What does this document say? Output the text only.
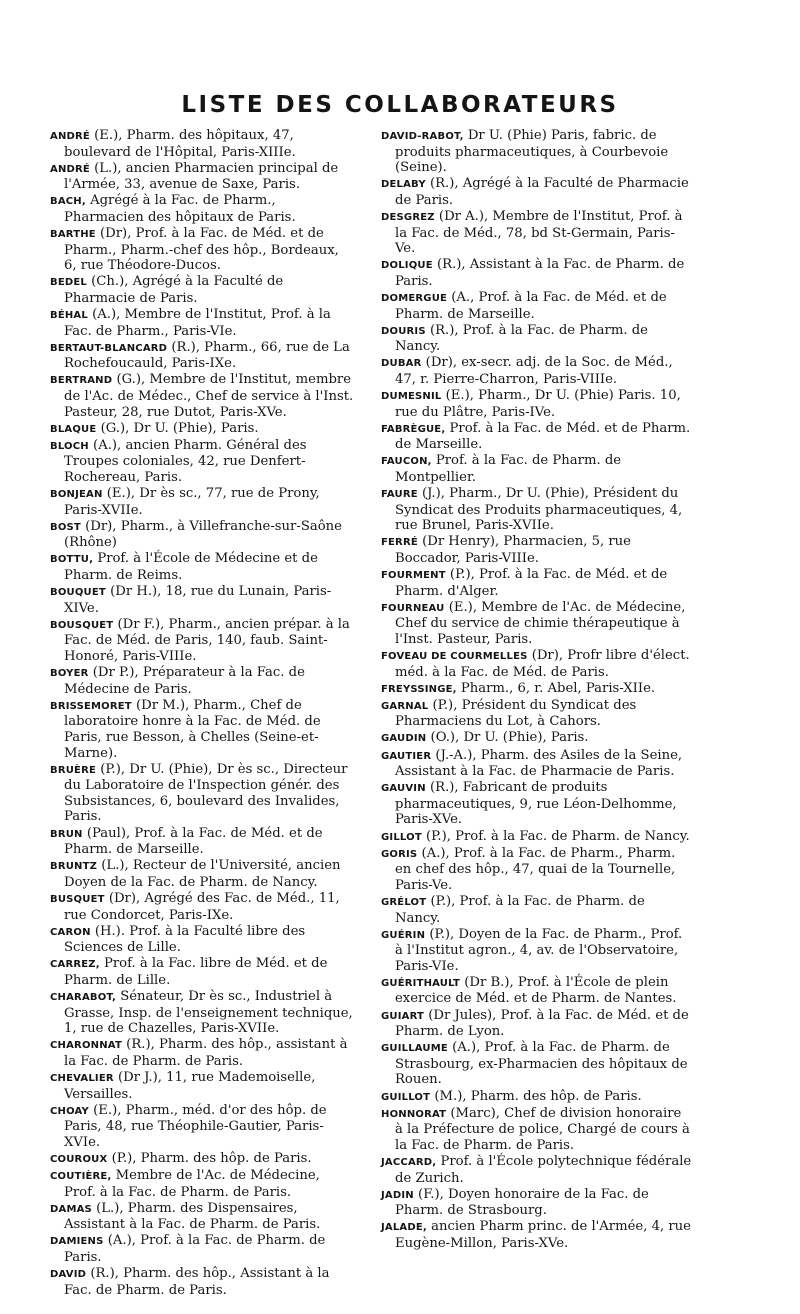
LISTE DES COLLABORATEURS

ANDRÉ (E.), Pharm. des hôpitaux, 47, boulevard de l'Hôpital, Paris-XIIIe.

ANDRÉ (L.), ancien Pharmacien principal de l'Armée, 33, avenue de Saxe, Paris.

BACH, Agrégé à la Fac. de Pharm., Pharmacien des hôpitaux de Paris.

BARTHE (Dr), Prof. à la Fac. de Méd. et de Pharm., Pharm.-chef des hôp., Bordeaux, 6, rue Théodore-Ducos.

BEDEL (Ch.), Agrégé à la Faculté de Pharmacie de Paris.

BÉHAL (A.), Membre de l'Institut, Prof. à la Fac. de Pharm., Paris-VIe.

BERTAUT-BLANCARD (R.), Pharm., 66, rue de La Rochefoucauld, Paris-IXe.

BERTRAND (G.), Membre de l'Institut, membre de l'Ac. de Médec., Chef de service à l'Inst. Pasteur, 28, rue Dutot, Paris-XVe.

BLAQUE (G.), Dr U. (Phie), Paris.

BLOCH (A.), ancien Pharm. Général des Troupes coloniales, 42, rue Denfert-Rochereau, Paris.

BONJEAN (E.), Dr ès sc., 77, rue de Prony, Paris-XVIIe.

BOST (Dr), Pharm., à Villefranche-sur-Saône (Rhône)

BOTTU, Prof. à l'École de Médecine et de Pharm. de Reims.

BOUQUET (Dr H.), 18, rue du Lunain, Paris-XIVe.

BOUSQUET (Dr F.), Pharm., ancien prépar. à la Fac. de Méd. de Paris, 140, faub. Saint-Honoré, Paris-VIIIe.

BOYER (Dr P.), Préparateur à la Fac. de Médecine de Paris.

BRISSEMORET (Dr M.), Pharm., Chef de laboratoire honre à la Fac. de Méd. de Paris, rue Besson, à Chelles (Seine-et-Marne).

BRUÈRE (P.), Dr U. (Phie), Dr ès sc., Directeur du Laboratoire de l'Inspection génér. des Subsistances, 6, boulevard des Invalides, Paris.

BRUN (Paul), Prof. à la Fac. de Méd. et de Pharm. de Marseille.

BRUNTZ (L.), Recteur de l'Université, ancien Doyen de la Fac. de Pharm. de Nancy.

BUSQUET (Dr), Agrégé des Fac. de Méd., 11, rue Condorcet, Paris-IXe.

CARON (H.). Prof. à la Faculté libre des Sciences de Lille.

CARREZ, Prof. à la Fac. libre de Méd. et de Pharm. de Lille.

CHARABOT, Sénateur, Dr ès sc., Industriel à Grasse, Insp. de l'enseignement technique, 1, rue de Chazelles, Paris-XVIIe.

CHARONNAT (R.), Pharm. des hôp., assistant à la Fac. de Pharm. de Paris.

CHEVALIER (Dr J.), 11, rue Mademoiselle, Versailles.

CHOAY (E.), Pharm., méd. d'or des hôp. de Paris, 48, rue Théophile-Gautier, Paris-XVIe.

COUROUX (P.), Pharm. des hôp. de Paris.

COUTIÈRE, Membre de l'Ac. de Médecine, Prof. à la Fac. de Pharm. de Paris.

DAMAS (L.), Pharm. des Dispensaires, Assistant à la Fac. de Pharm. de Paris.

DAMIENS (A.), Prof. à la Fac. de Pharm. de Paris.

DAVID (R.), Pharm. des hôp., Assistant à la Fac. de Pharm. de Paris.

DAVID-RABOT, Dr U. (Phie) Paris, fabric. de produits pharmaceutiques, à Courbevoie (Seine).

DELABY (R.), Agrégé à la Faculté de Pharmacie de Paris.

DESGREZ (Dr A.), Membre de l'Institut, Prof. à la Fac. de Méd., 78, bd St-Germain, Paris-Ve.

DOLIQUE (R.), Assistant à la Fac. de Pharm. de Paris.

DOMERGUE (A., Prof. à la Fac. de Méd. et de Pharm. de Marseille.

DOURIS (R.), Prof. à la Fac. de Pharm. de Nancy.

DUBAR (Dr), ex-secr. adj. de la Soc. de Méd., 47, r. Pierre-Charron, Paris-VIIIe.

DUMESNIL (E.), Pharm., Dr U. (Phie) Paris. 10, rue du Plâtre, Paris-IVe.

FABRÈGUE, Prof. à la Fac. de Méd. et de Pharm. de Marseille.

FAUCON, Prof. à la Fac. de Pharm. de Montpellier.

FAURE (J.), Pharm., Dr U. (Phie), Président du Syndicat des Produits pharmaceutiques, 4, rue Brunel, Paris-XVIIe.

FERRÉ (Dr Henry), Pharmacien, 5, rue Boccador, Paris-VIIIe.

FOURMENT (P.), Prof. à la Fac. de Méd. et de Pharm. d'Alger.

FOURNEAU (E.), Membre de l'Ac. de Médecine, Chef du service de chimie thérapeutique à l'Inst. Pasteur, Paris.

FOVEAU DE COURMELLES (Dr), Profr libre d'élect. méd. à la Fac. de Méd. de Paris.

FREYSSINGE, Pharm., 6, r. Abel, Paris-XIIe.

GARNAL (P.), Président du Syndicat des Pharmaciens du Lot, à Cahors.

GAUDIN (O.), Dr U. (Phie), Paris.

GAUTIER (J.-A.), Pharm. des Asiles de la Seine, Assistant à la Fac. de Pharmacie de Paris.

GAUVIN (R.), Fabricant de produits pharmaceutiques, 9, rue Léon-Delhomme, Paris-XVe.

GILLOT (P.), Prof. à la Fac. de Pharm. de Nancy.

GORIS (A.), Prof. à la Fac. de Pharm., Pharm. en chef des hôp., 47, quai de la Tournelle, Paris-Ve.

GRÉLOT (P.), Prof. à la Fac. de Pharm. de Nancy.

GUÉRIN (P.), Doyen de la Fac. de Pharm., Prof. à l'Institut agron., 4, av. de l'Observatoire, Paris-VIe.

GUÉRITHAULT (Dr B.), Prof. à l'École de plein exercice de Méd. et de Pharm. de Nantes.

GUIART (Dr Jules), Prof. à la Fac. de Méd. et de Pharm. de Lyon.

GUILLAUME (A.), Prof. à la Fac. de Pharm. de Strasbourg, ex-Pharmacien des hôpitaux de Rouen.

GUILLOT (M.), Pharm. des hôp. de Paris.

HONNORAT (Marc), Chef de division honoraire à la Préfecture de police, Chargé de cours à la Fac. de Pharm. de Paris.

JACCARD, Prof. à l'École polytechnique fédérale de Zurich.

JADIN (F.), Doyen honoraire de la Fac. de Pharm. de Strasbourg.

JALADE, ancien Pharm princ. de l'Armée, 4, rue Eugène-Millon, Paris-XVe.
